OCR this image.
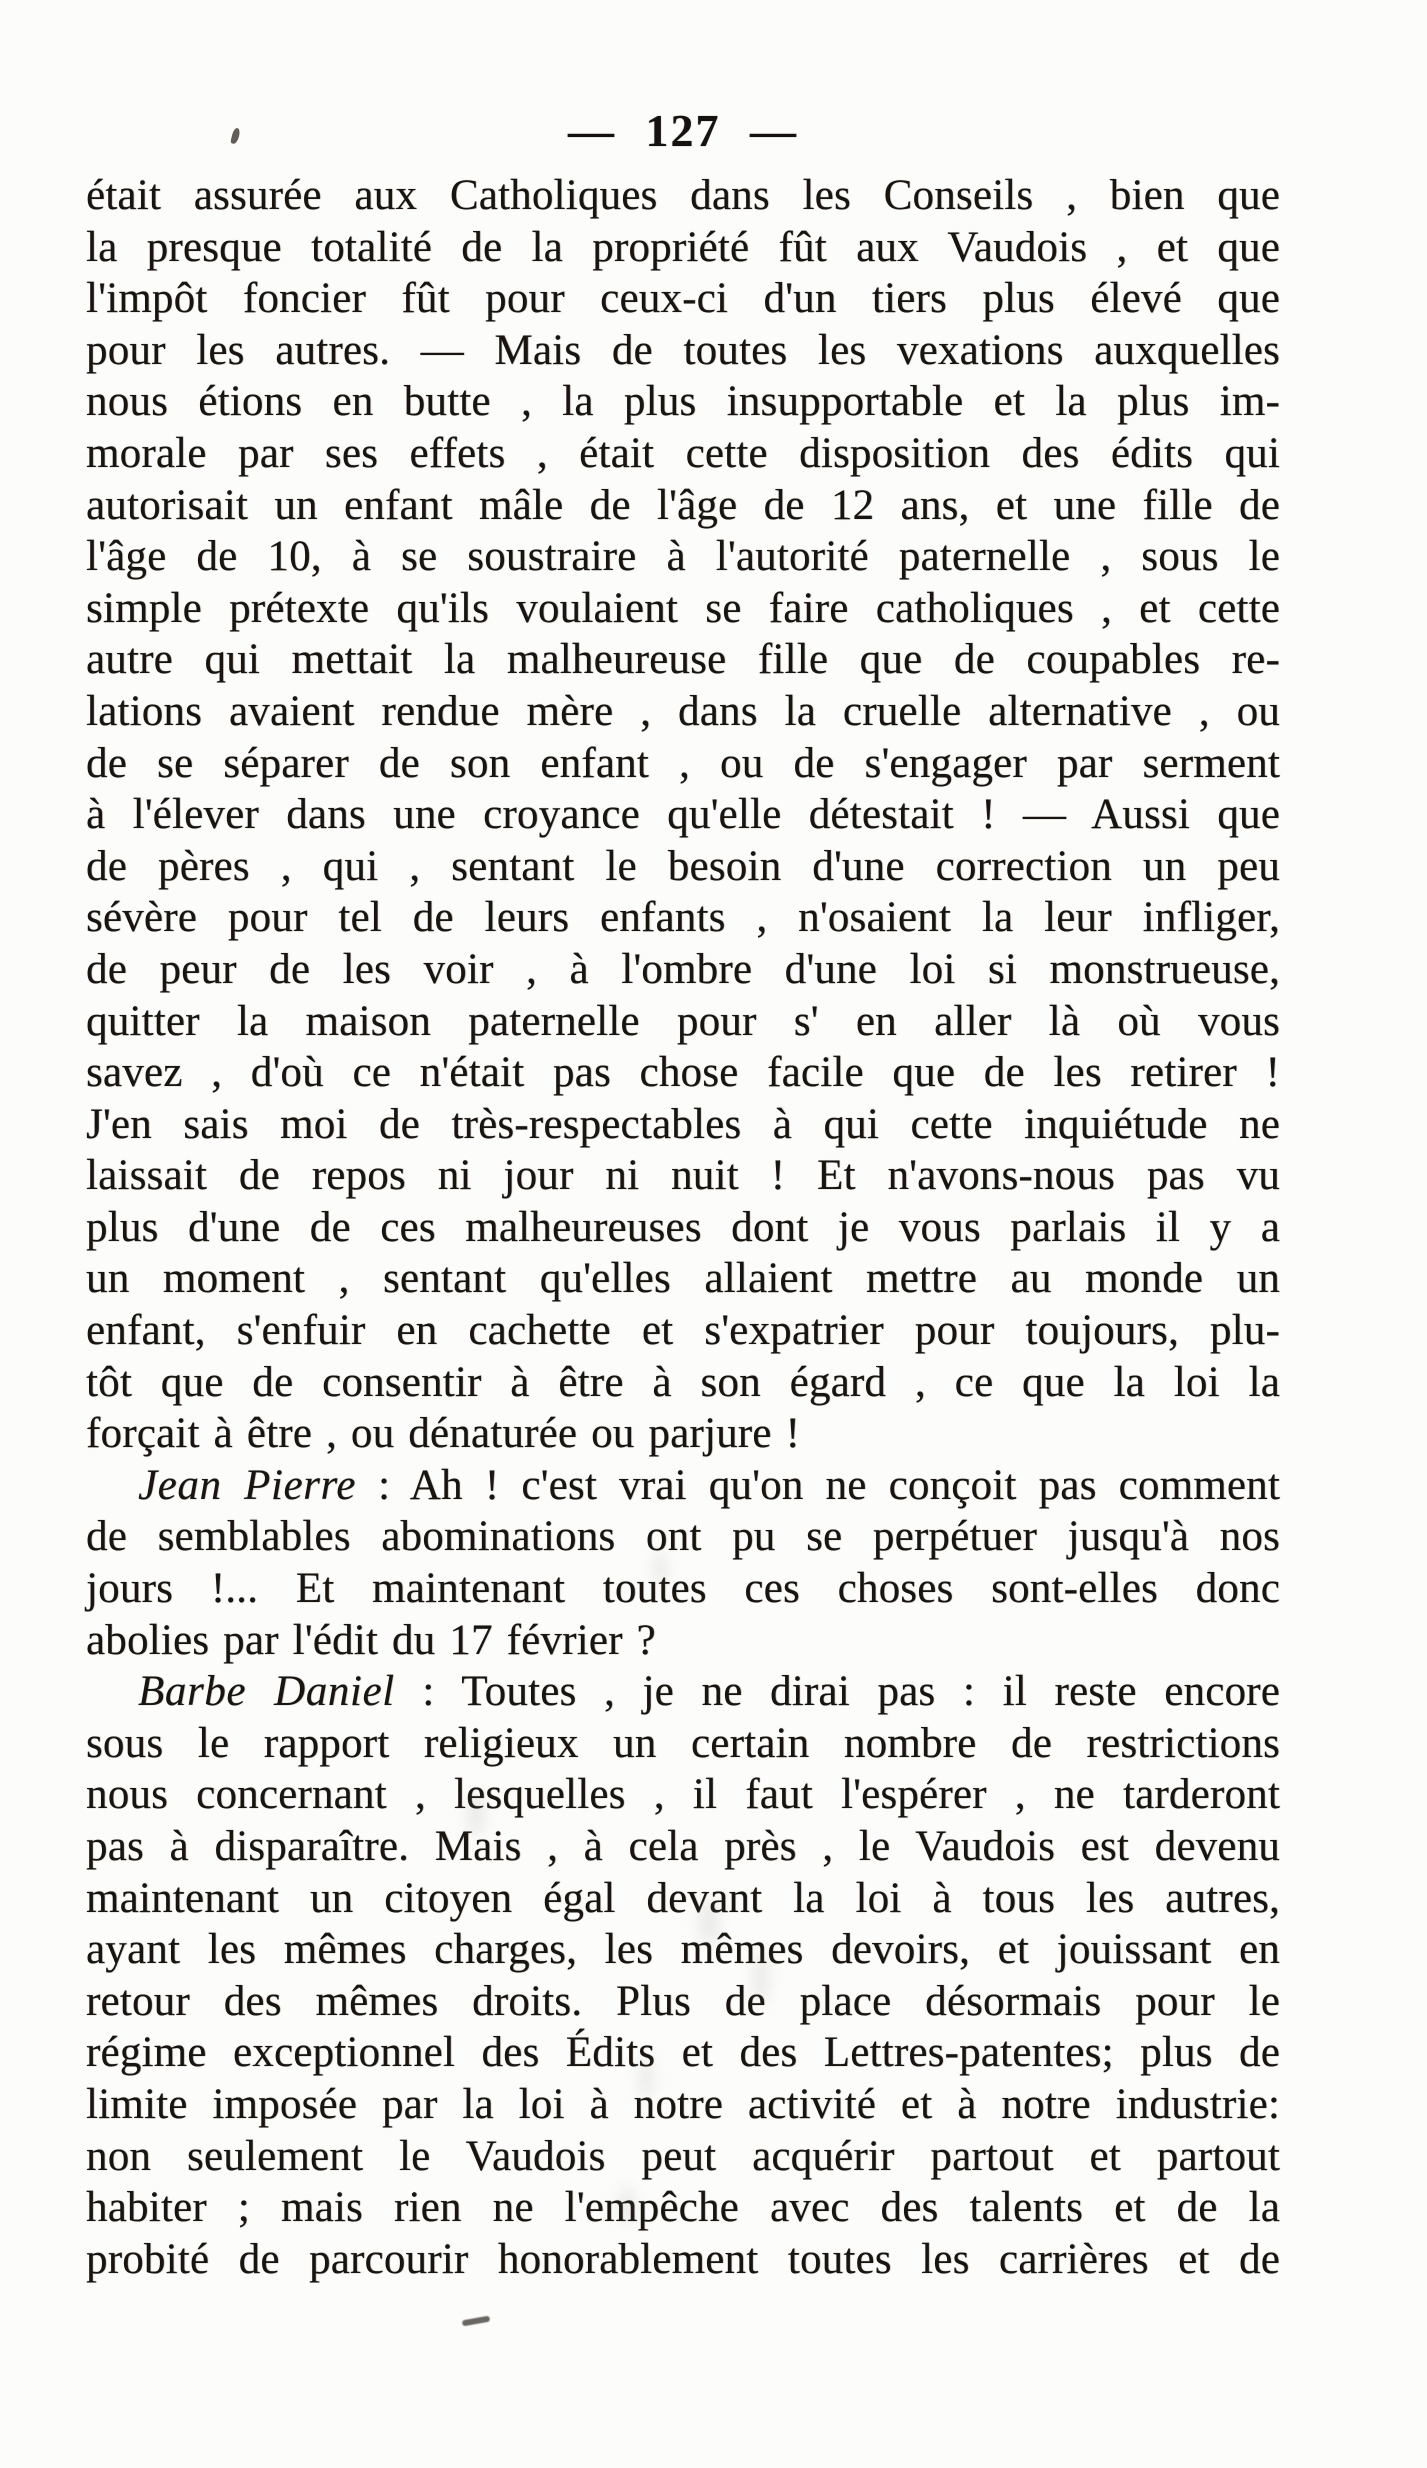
— 127 —
était assurée aux Catholiques dans les Conseils , bien que
la presque totalité de la propriété fût aux Vaudois , et que
l'impôt foncier fût pour ceux-ci d'un tiers plus élevé que
pour les autres. — Mais de toutes les vexations auxquelles
nous étions en butte , la plus insupportable et la plus im-
morale par ses effets , était cette disposition des édits qui
autorisait un enfant mâle de l'âge de 12 ans, et une fille de
l'âge de 10, à se soustraire à l'autorité paternelle , sous le
simple prétexte qu'ils voulaient se faire catholiques , et cette
autre qui mettait la malheureuse fille que de coupables re-
lations avaient rendue mère , dans la cruelle alternative , ou
de se séparer de son enfant , ou de s'engager par serment
à l'élever dans une croyance qu'elle détestait ! — Aussi que
de pères , qui , sentant le besoin d'une correction un peu
sévère pour tel de leurs enfants , n'osaient la leur infliger,
de peur de les voir , à l'ombre d'une loi si monstrueuse,
quitter la maison paternelle pour s' en aller là où vous
savez , d'où ce n'était pas chose facile que de les retirer !
J'en sais moi de très-respectables à qui cette inquiétude ne
laissait de repos ni jour ni nuit ! Et n'avons-nous pas vu
plus d'une de ces malheureuses dont je vous parlais il y a
un moment , sentant qu'elles allaient mettre au monde un
enfant, s'enfuir en cachette et s'expatrier pour toujours, plu-
tôt que de consentir à être à son égard , ce que la loi la
forçait à être , ou dénaturée ou parjure !
Jean Pierre : Ah ! c'est vrai qu'on ne conçoit pas comment
de semblables abominations ont pu se perpétuer jusqu'à nos
jours !... Et maintenant toutes ces choses sont-elles donc
abolies par l'édit du 17 février ?
Barbe Daniel : Toutes , je ne dirai pas : il reste encore
sous le rapport religieux un certain nombre de restrictions
nous concernant , lesquelles , il faut l'espérer , ne tarderont
pas à disparaître. Mais , à cela près , le Vaudois est devenu
maintenant un citoyen égal devant la loi à tous les autres,
ayant les mêmes charges, les mêmes devoirs, et jouissant en
retour des mêmes droits. Plus de place désormais pour le
régime exceptionnel des Édits et des Lettres-patentes; plus de
limite imposée par la loi à notre activité et à notre industrie:
non seulement le Vaudois peut acquérir partout et partout
habiter ; mais rien ne l'empêche avec des talents et de la
probité de parcourir honorablement toutes les carrières et de
